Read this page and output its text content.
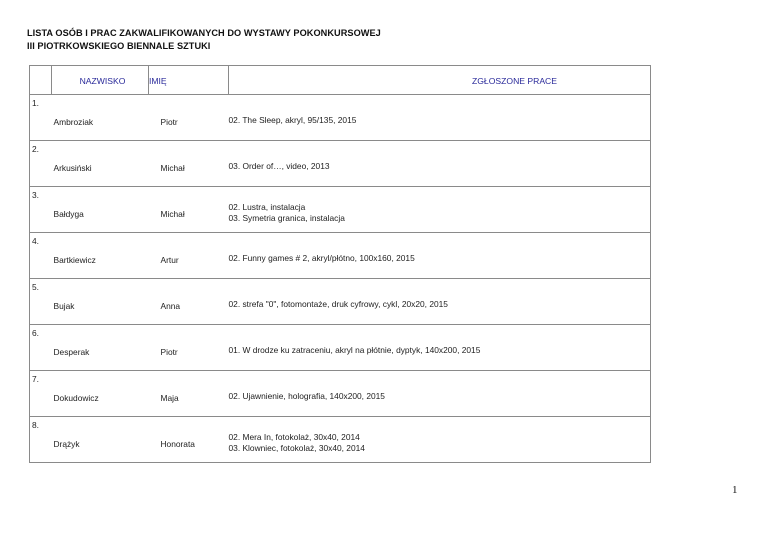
LISTA OSÓB I PRAC ZAKWALIFIKOWANYCH DO WYSTAWY POKONKURSOWEJ
III PIOTRKOWSKIEGO BIENNALE SZTUKI
	NAZWISKO	IMIĘ	ZGŁOSZONE PRACE
1.	Ambroziak	Piotr	02. The Sleep, akryl, 95/135, 2015

2.	Arkusiński	Michał	03. Order of…, video, 2013

3.	Bałdyga	Michał	02. Lustra, instalacja
03. Symetria granica, instalacja

4.	Bartkiewicz	Artur	02. Funny games # 2, akryl/płótno, 100x160, 2015

5.	Bujak	Anna	02. strefa "0", fotomontaże, druk cyfrowy, cykl, 20x20, 2015

6.	Desperak	Piotr	01. W drodze ku zatraceniu, akryl na płótnie, dyptyk, 140x200, 2015

7.	Dokudowicz	Maja	02. Ujawnienie, holografia, 140x200, 2015

8.	Drążyk	Honorata	02. Mera In, fotokolaż, 30x40, 2014
03. Klowniec, fotokolaż, 30x40, 2014
1
